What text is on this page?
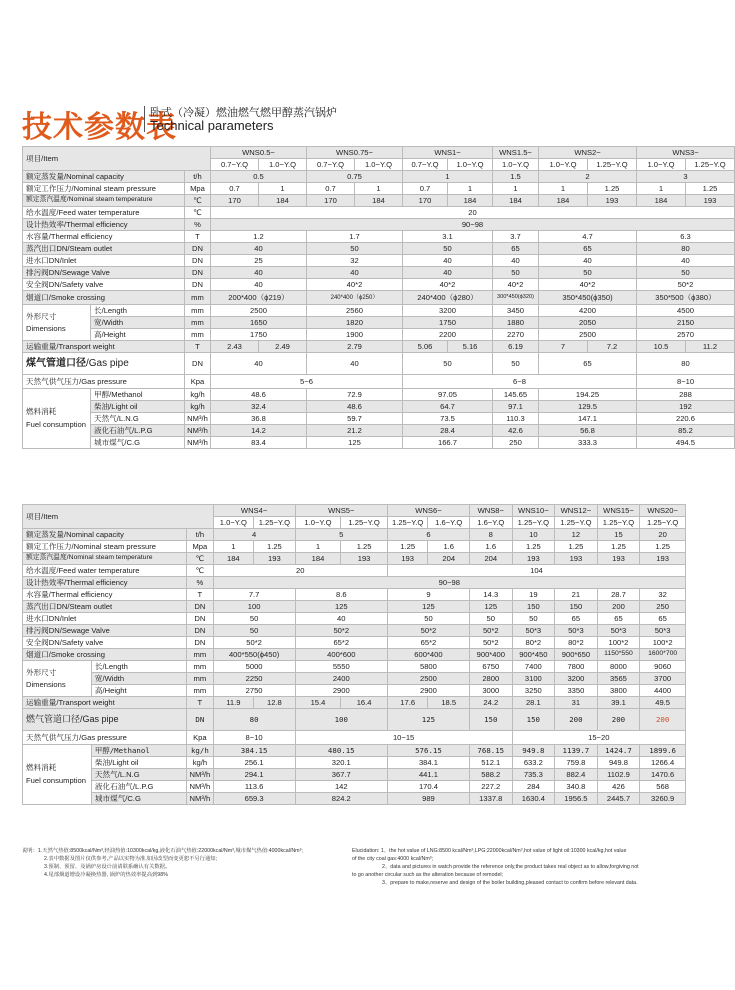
技术参数表
卧式（冷凝）燃油燃气燃甲醇蒸汽锅炉
Technical parameters
项目/Item			WNS0.5−		WNS0.75−		WNS1−		WNS1.5−	WNS2−		WNS3−	
			0.7−Y.Q	1.0−Y.Q	0.7−Y.Q	1.0−Y.Q	0.7−Y.Q	1.0−Y.Q	1.0−Y.Q	1.0−Y.Q	1.25−Y.Q	1.0−Y.Q	1.25−Y.Q
额定蒸发量/Nominal capacity		t/h	0.5		0.75		1		1.5	2		3	
额定工作压力/Nominal steam pressure		Mpa	0.7	1	0.7	1	0.7	1	1	1	1.25	1	1.25
额定蒸汽温度/Nominal steam temperature		℃	170	184	170	184	170	184	184	184	193	184	193
给水温度/Feed water temperature		℃	20										
设计热效率/Thermal efficiency		%	90−98										
水容量/Thermal efficiency		T	1.2		1.7		3.1		3.7	4.7		6.3	
蒸汽出口DN/Steam outlet		DN	40		50		50		65	65		80	
进水口DN/Inlet		DN	25		32		40		40	40		40	
排污阀DN/Sewage Valve		DN	40		40		40		50	50		50	
安全阀DN/Safety valve		DN	40		40*2		40*2		40*2	40*2		50*2	
烟道口/Smoke crossing		mm	200*400（ϕ219）		240*400（ϕ250）		240*400（ϕ280）		300*450(ϕ320)	350*450(ϕ350)		350*500（ϕ380）	
外形尺寸
Dimensions	长/Length	mm	2500		2560		3200		3450	4200		4500	
	宽/Width	mm	1650		1820		1750		1880	2050		2150	
	高/Height	mm	1750		1900		2200		2270	2500		2570	
运输重量/Transport weight		T	2.43	2.49	2.79		5.06	5.16	6.19	7	7.2	10.5	11.2
煤气管道口径/Gas pipe		DN	40		40		50		50	65		80	
天然气供气压力/Gas pressure		Kpa	5−6				6−8					8−10	
燃料消耗
Fuel consumption	甲醇/Methanol	kg/h	48.6		72.9		97.05		145.65	194.25		288	
	柴油/Light oil	kg/h	32.4		48.6		64.7		97.1	129.5		192	
	天然气/L.N.G	NM³/h	36.8		59.7		73.5		110.3	147.1		220.6	
	液化石油气/L.P.G	NM³/h	14.2		21.2		28.4		42.6	56.8		85.2	
	城市煤气/C.G	NM³/h	83.4		125		166.7		250	333.3		494.5	
项目/Item			WNS4−		WNS5−		WNS6−		WNS8−	WNS10−	WNS12−	WNS15−	WNS20−
			1.0−Y.Q	1.25−Y.Q	1.0−Y.Q	1.25−Y.Q	1.25−Y.Q	1.6−Y.Q	1.6−Y.Q	1.25−Y.Q	1.25−Y.Q	1.25−Y.Q	1.25−Y.Q
额定蒸发量/Nominal capacity		t/h	4		5		6		8	10	12	15	20
额定工作压力/Nominal steam pressure		Mpa	1	1.25	1	1.25	1.25	1.6	1.6	1.25	1.25	1.25	1.25
额定蒸汽温度/Nominal steam temperature		℃	184	193	184	193	193	204	204	193	193	193	193
给水温度/Feed water temperature		℃	20				104						
设计热效率/Thermal efficiency		%	90−98										
水容量/Thermal efficiency		T	7.7		8.6		9		14.3	19	21	28.7	32
蒸汽出口DN/Steam outlet		DN	100		125		125		125	150	150	200	250
进水口DN/Inlet		DN	50		40		50		50	50	65	65	65
排污阀DN/Sewage Valve		DN	50		50*2		50*2		50*2	50*3	50*3	50*3	50*3
安全阀DN/Safety valve		DN	50*2		65*2		65*2		50*2	80*2	80*2	100*2	100*2
烟道口/Smoke crossing		mm	400*550(ϕ450)		400*600		600*400		900*400	900*450	900*650	1150*550	1600*700
外形尺寸
Dimensions	长/Length	mm	5000		5550		5800		6750	7400	7800	8000	9060
	宽/Width	mm	2250		2400		2500		2800	3100	3200	3565	3700
	高/Height	mm	2750		2900		2900		3000	3250	3350	3800	4400
运输重量/Transport weight		T	11.9	12.8	15.4	16.4	17.6	18.5	24.2	28.1	31	39.1	49.5
燃气管道口径/Gas pipe		DN	80		100		125		150	150	200	200	200
天然气供气压力/Gas pressure		Kpa	8−10		10−15					15−20			
燃料消耗
Fuel consumption	甲醇/Methanol	kg/h	384.15		480.15		576.15		768.15	949.8	1139.7	1424.7	1899.6
	柴油/Light oil	kg/h	256.1		320.1		384.1		512.1	633.2	759.8	949.8	1266.4
	天然气/L.N.G	NM³/h	294.1		367.7		441.1		588.2	735.3	882.4	1102.9	1470.6
	液化石油气/L.P.G	NM³/h	113.6		142		170.4		227.2	284	340.8	426	568
	城市煤气/C.G	NM³/h	659.3		824.2		989		1337.8	1630.4	1956.5	2445.7	3260.9
说明：1.天然气热值:8500kcal/Nm³,轻油热值:10300kcal/kg,液化石油气热值:22000kcal/Nm³,城市煤气热值:4000kcal/Nm³;
2.表中数据及图片仅供参考,产品以实物为准,如因改型而变更恕不另行通知;
3.预制、预留、及锅炉房设计前请联系确认有关数据。
4.尾部烟道增设冷凝换热器, 锅炉的热效率提高到98%
Elucidation: 1、the hot value of LNG:8500 kcal/Nm³,LPG:22000kcal/Nm³,hot value of light oil:10300 kcal/kg,hot value
of the city coal gas:4000 kcal/Nm³;
2、data and pictures in watch provide the reference only,the product takes real object as to allow,forgiving not
to go another circular such as the alteration because of remodel;
3、prepare to make,reserve and design of the boiler building,pleased contact to confirm before relevant data.
